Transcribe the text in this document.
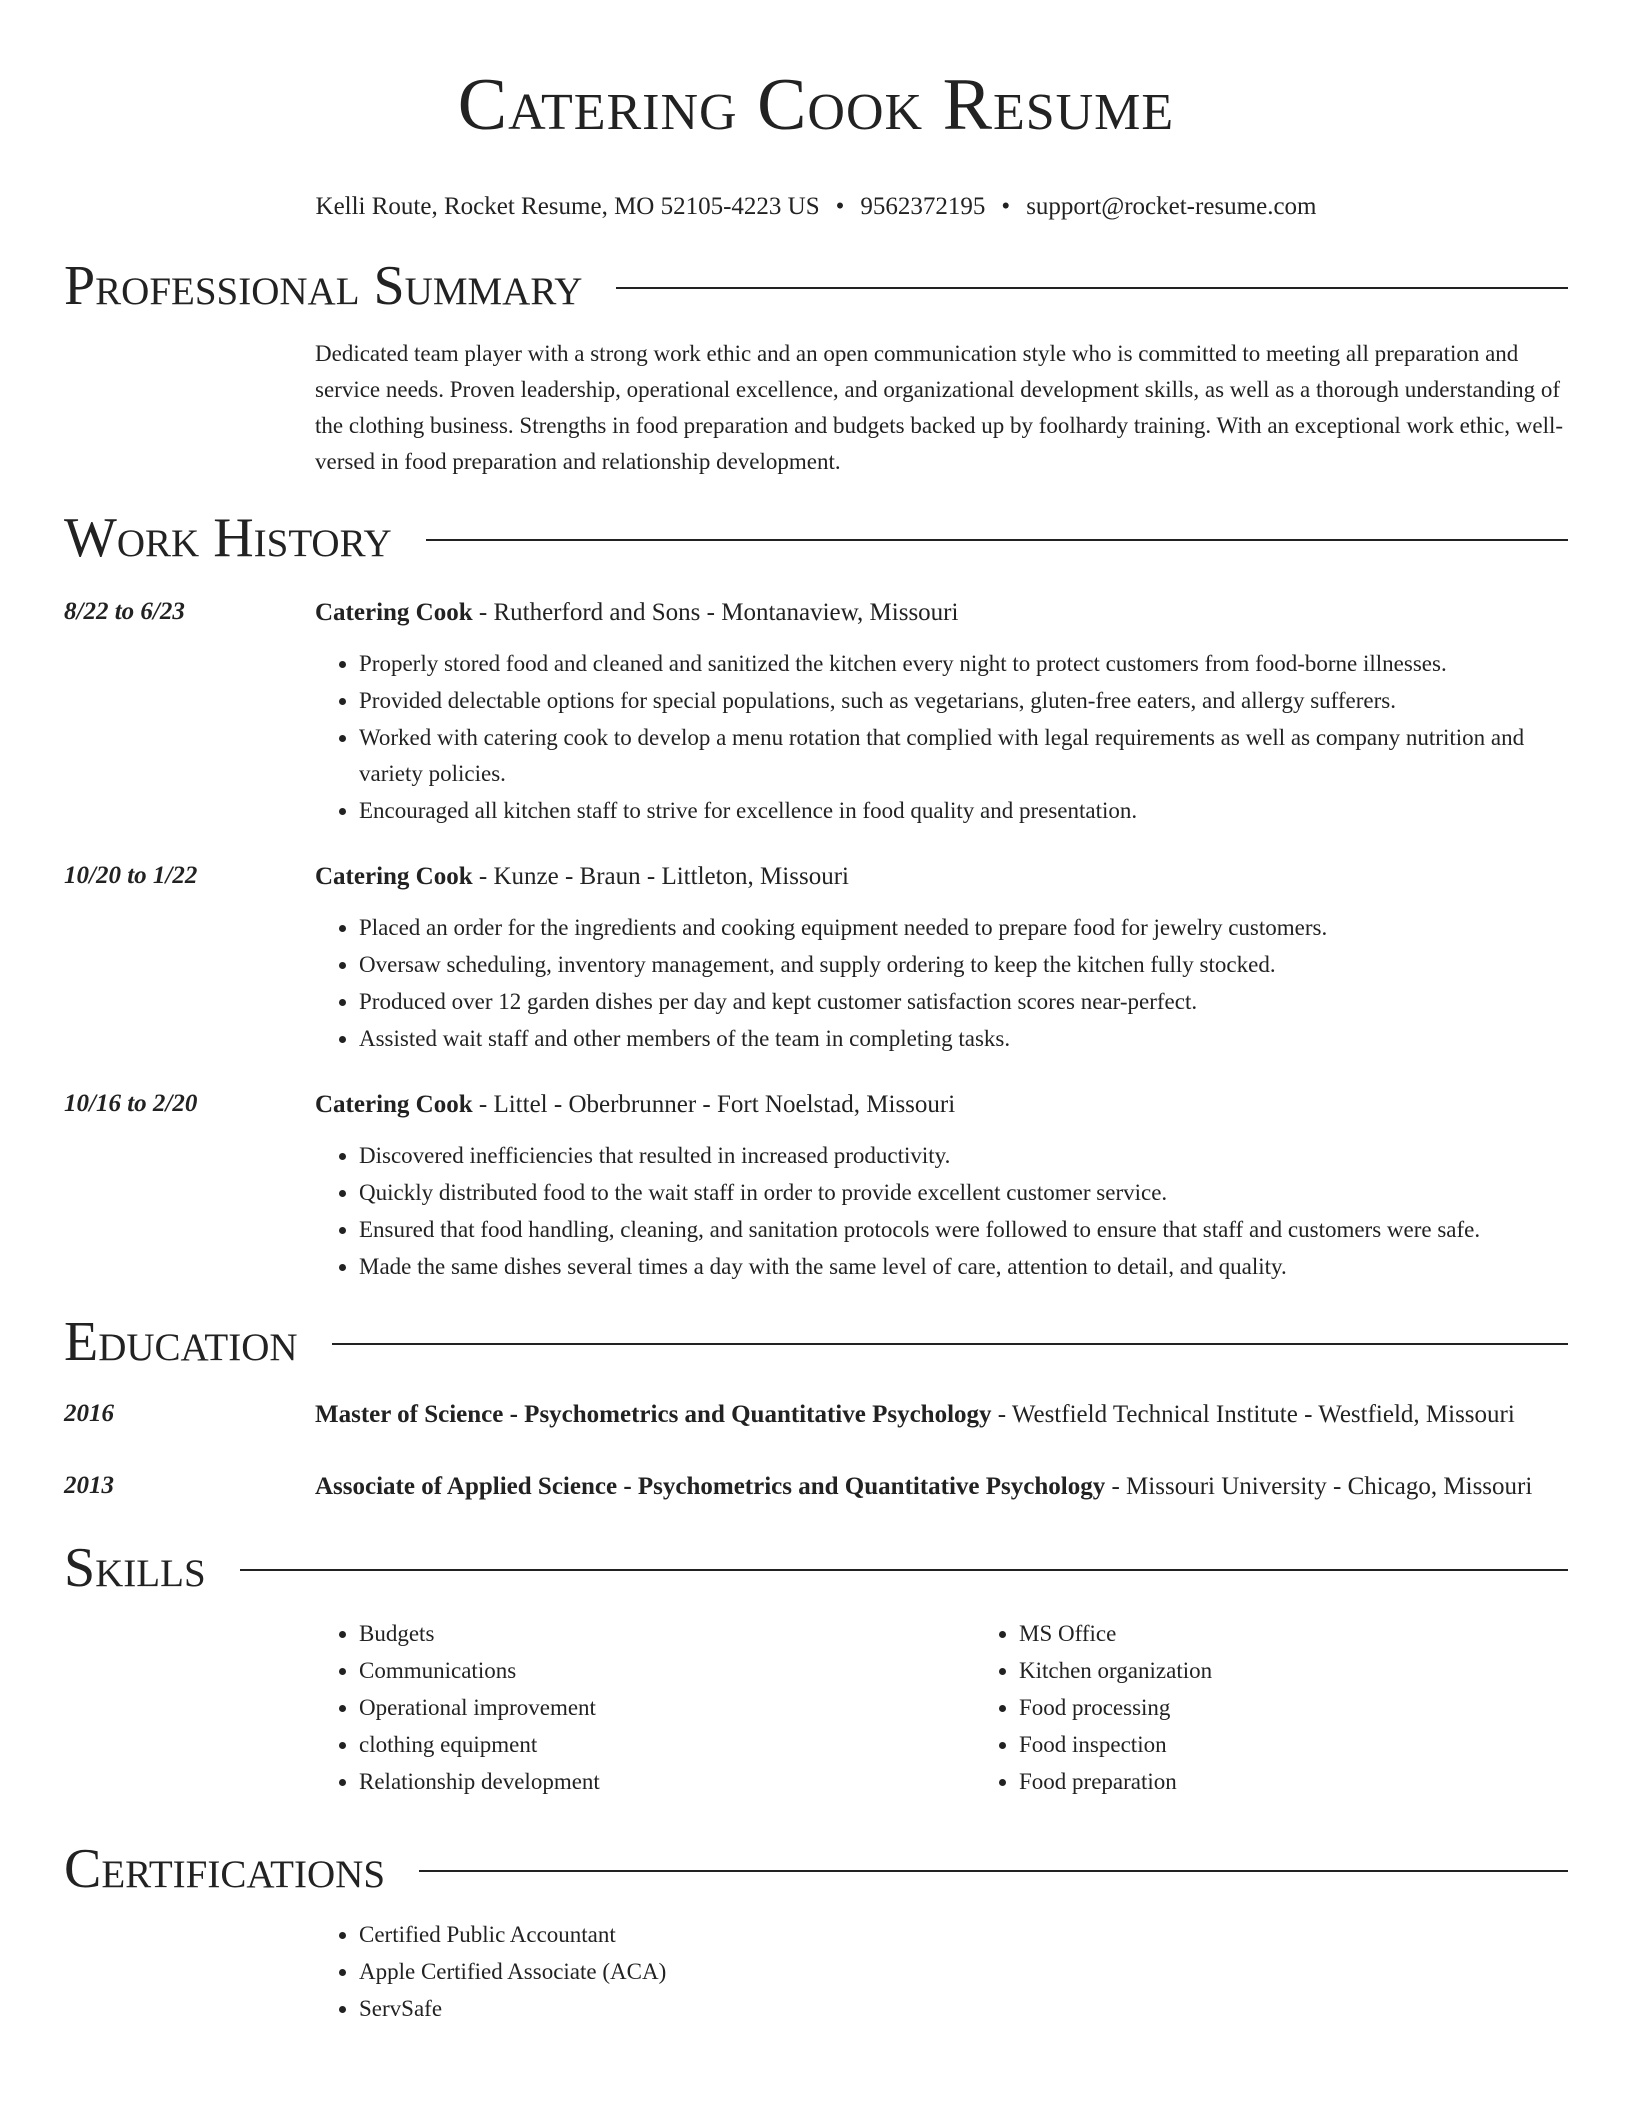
Catering Cook Resume
Kelli Route, Rocket Resume, MO 52105-4223 US • 9562372195 • support@rocket-resume.com
Professional Summary
Dedicated team player with a strong work ethic and an open communication style who is committed to meeting all preparation and service needs. Proven leadership, operational excellence, and organizational development skills, as well as a thorough understanding of the clothing business. Strengths in food preparation and budgets backed up by foolhardy training. With an exceptional work ethic, well-versed in food preparation and relationship development.
Work History
8/22 to 6/23	Catering Cook - Rutherford and Sons - Montanaview, Missouri
• Properly stored food and cleaned and sanitized the kitchen every night to protect customers from food-borne illnesses.
• Provided delectable options for special populations, such as vegetarians, gluten-free eaters, and allergy sufferers.
• Worked with catering cook to develop a menu rotation that complied with legal requirements as well as company nutrition and variety policies.
• Encouraged all kitchen staff to strive for excellence in food quality and presentation.
10/20 to 1/22	Catering Cook - Kunze - Braun - Littleton, Missouri
• Placed an order for the ingredients and cooking equipment needed to prepare food for jewelry customers.
• Oversaw scheduling, inventory management, and supply ordering to keep the kitchen fully stocked.
• Produced over 12 garden dishes per day and kept customer satisfaction scores near-perfect.
• Assisted wait staff and other members of the team in completing tasks.
10/16 to 2/20	Catering Cook - Littel - Oberbrunner - Fort Noelstad, Missouri
• Discovered inefficiencies that resulted in increased productivity.
• Quickly distributed food to the wait staff in order to provide excellent customer service.
• Ensured that food handling, cleaning, and sanitation protocols were followed to ensure that staff and customers were safe.
• Made the same dishes several times a day with the same level of care, attention to detail, and quality.
Education
2016	Master of Science - Psychometrics and Quantitative Psychology - Westfield Technical Institute - Westfield, Missouri
2013	Associate of Applied Science - Psychometrics and Quantitative Psychology - Missouri University - Chicago, Missouri
Skills
• Budgets
• Communications
• Operational improvement
• clothing equipment
• Relationship development
• MS Office
• Kitchen organization
• Food processing
• Food inspection
• Food preparation
Certifications
• Certified Public Accountant
• Apple Certified Associate (ACA)
• ServSafe
